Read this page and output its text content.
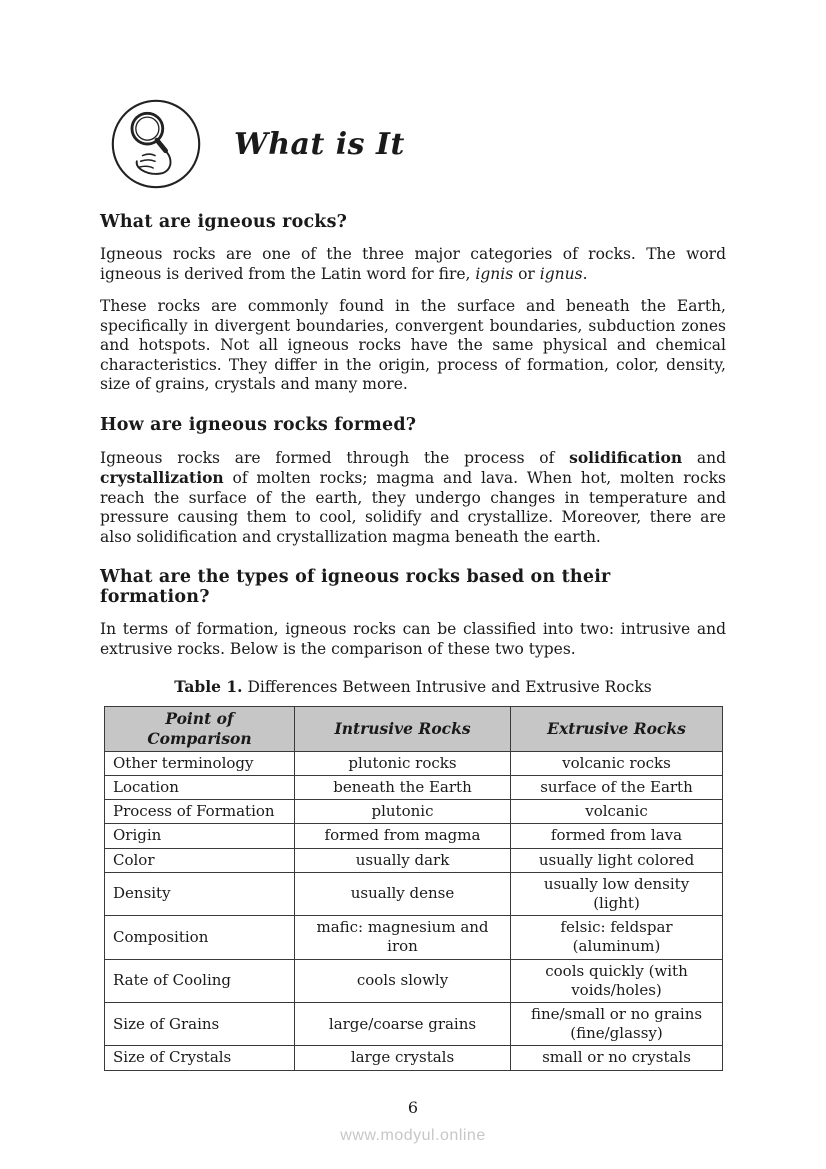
What is It
What are igneous rocks?

Igneous rocks are one of the three major categories of rocks. The word igneous is derived from the Latin word for fire, ignis or ignus.

These rocks are commonly found in the surface and beneath the Earth, specifically in divergent boundaries, convergent boundaries, subduction zones and hotspots. Not all igneous rocks have the same physical and chemical characteristics. They differ in the origin, process of formation, color, density, size of grains, crystals and many more.

How are igneous rocks formed?

Igneous rocks are formed through the process of solidification and crystallization of molten rocks; magma and lava. When hot, molten rocks reach the surface of the earth, they undergo changes in temperature and pressure causing them to cool, solidify and crystallize. Moreover, there are also solidification and crystallization magma beneath the earth.

What are the types of igneous rocks based on their formation?

In terms of formation, igneous rocks can be classified into two: intrusive and extrusive rocks. Below is the comparison of these two types.

Table 1. Differences Between Intrusive and Extrusive Rocks
Point of Comparison	Intrusive Rocks	Extrusive Rocks
Other terminology	plutonic rocks	volcanic rocks
Location	beneath the Earth	surface of the Earth
Process of Formation	plutonic	volcanic
Origin	formed from magma	formed from lava
Color	usually dark	usually light colored
Density	usually dense	usually low density (light)
Composition	mafic: magnesium and iron	felsic: feldspar (aluminum)
Rate of Cooling	cools slowly	cools quickly (with voids/holes)
Size of Grains	large/coarse grains	fine/small or no grains (fine/glassy)
Size of Crystals	large crystals	small or no crystals
6
www.modyul.online
